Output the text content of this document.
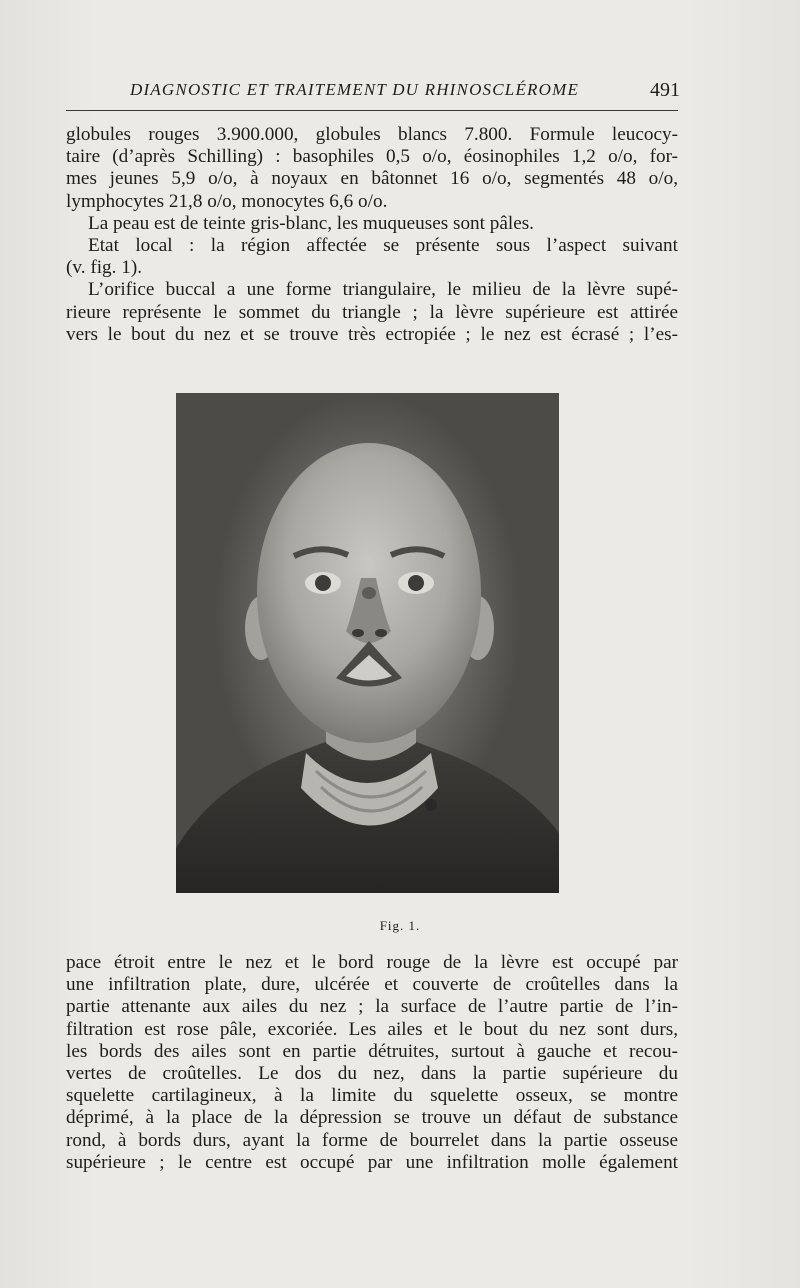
DIAGNOSTIC ET TRAITEMENT DU RHINOSCLÉROME	491
globules rouges 3.900.000, globules blancs 7.800. Formule leucocy-
taire (d’après Schilling) : basophiles 0,5 o/o, éosinophiles 1,2 o/o, for-
mes jeunes 5,9 o/o, à noyaux en bâtonnet 16 o/o, segmentés 48 o/o,
lymphocytes 21,8 o/o, monocytes 6,6 o/o.
La peau est de teinte gris-blanc, les muqueuses sont pâles.
Etat local : la région affectée se présente sous l’aspect suivant
(v. fig. 1).
L’orifice buccal a une forme triangulaire, le milieu de la lèvre supé-
rieure représente le sommet du triangle ; la lèvre supérieure est attirée
vers le bout du nez et se trouve très ectropiée ; le nez est écrasé ; l’es-
Fig. 1.
pace étroit entre le nez et le bord rouge de la lèvre est occupé par
une infiltration plate, dure, ulcérée et couverte de croûtelles dans la
partie attenante aux ailes du nez ; la surface de l’autre partie de l’in-
filtration est rose pâle, excoriée. Les ailes et le bout du nez sont durs,
les bords des ailes sont en partie détruites, surtout à gauche et recou-
vertes de croûtelles. Le dos du nez, dans la partie supérieure du
squelette cartilagineux, à la limite du squelette osseux, se montre
déprimé, à la place de la dépression se trouve un défaut de substance
rond, à bords durs, ayant la forme de bourrelet dans la partie osseuse
supérieure ; le centre est occupé par une infiltration molle également
